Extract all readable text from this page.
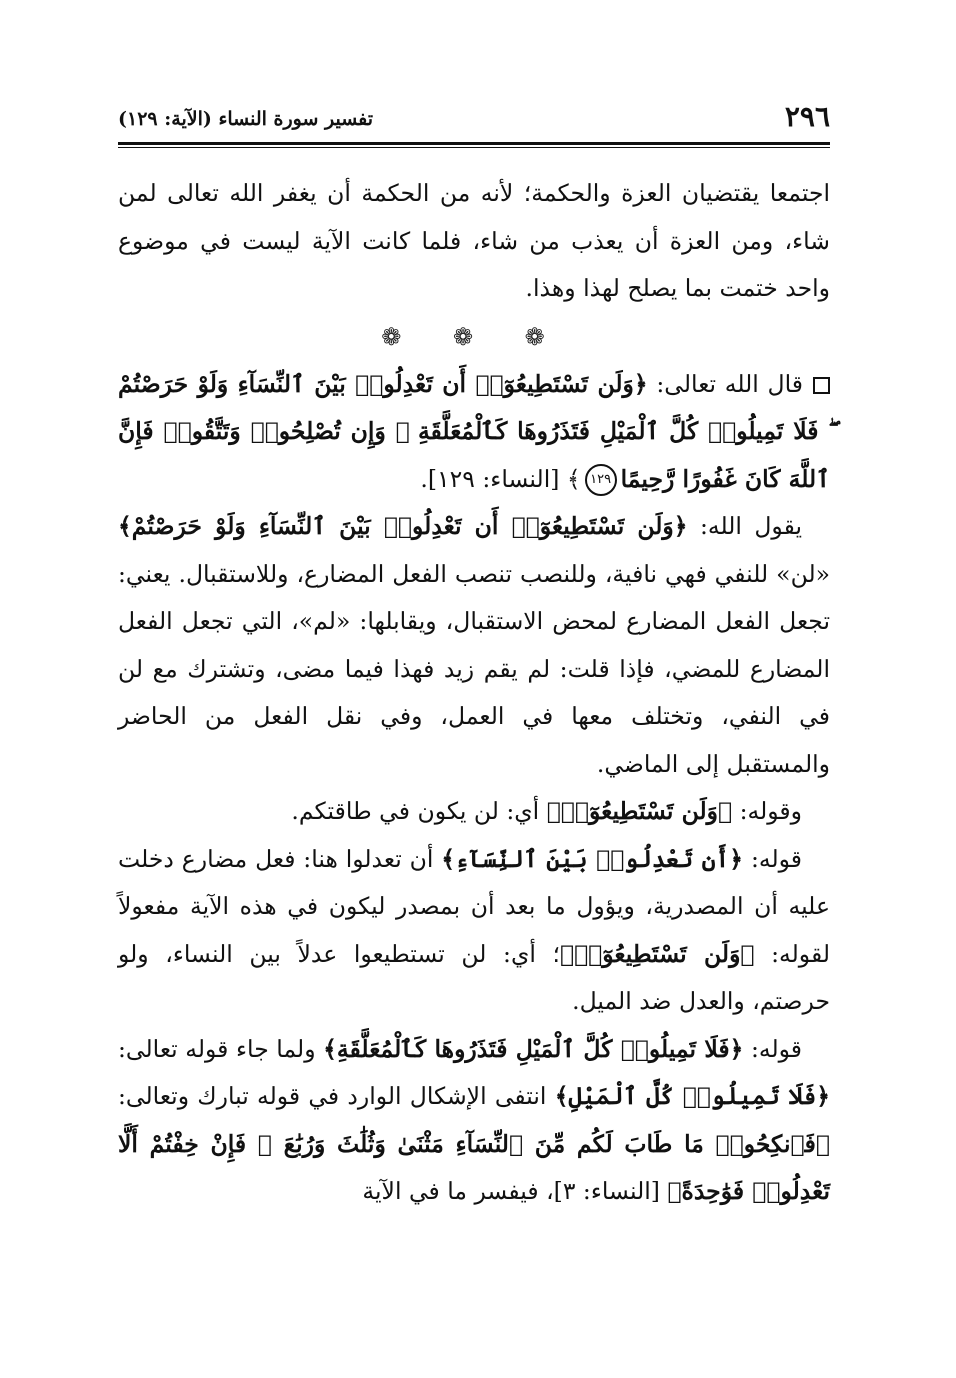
٢٩٦
تفسير سورة النساء (الآية: ١٢٩)

اجتمعا يقتضيان العزة والحكمة؛ لأنه من الحكمة أن يغفر الله تعالى لمن شاء، ومن العزة أن يعذب من شاء، فلما كانت الآية ليست في موضوع واحد ختمت بما يصلح لهذا وهذا.

❁ ❁ ❁

قال الله تعالى: ﴿وَلَن تَسْتَطِيعُوٓا۟ أَن تَعْدِلُوا۟ بَيْنَ ٱلنِّسَآءِ وَلَوْ حَرَصْتُمْ ۖ فَلَا تَمِيلُوا۟ كُلَّ ٱلْمَيْلِ فَتَذَرُوهَا كَٱلْمُعَلَّقَةِ ۚ وَإِن تُصْلِحُوا۟ وَتَتَّقُوا۟ فَإِنَّ ٱللَّهَ كَانَ غَفُورًا رَّحِيمًا١٢٩﴾ [النساء: ١٢٩].

يقول الله: ﴿وَلَن تَسْتَطِيعُوٓا۟ أَن تَعْدِلُوا۟ بَيْنَ ٱلنِّسَآءِ وَلَوْ حَرَصْتُمْ﴾ «لن» للنفي فهي نافية، وللنصب تنصب الفعل المضارع، وللاستقبال. يعني: تجعل الفعل المضارع لمحض الاستقبال، ويقابلها: «لم»، التي تجعل الفعل المضارع للمضي، فإذا قلت: لم يقم زيد فهذا فيما مضى، وتشترك مع لن في النفي، وتختلف معها في العمل، وفي نقل الفعل من الحاضر والمستقبل إلى الماضي.

وقوله: ﴿وَلَن تَسْتَطِيعُوٓا۟﴾ أي: لن يكون في طاقتكم.

قوله: ﴿أَن تَعْدِلُوا۟ بَيْنَ ٱلنِّسَآءِ﴾ أن تعدلوا هنا: فعل مضارع دخلت عليه أن المصدرية، ويؤول ما بعد أن بمصدر ليكون في هذه الآية مفعولاً لقوله: ﴿وَلَن تَسْتَطِيعُوٓا۟﴾؛ أي: لن تستطيعوا عدلاً بين النساء، ولو حرصتم، والعدل ضد الميل.

قوله: ﴿فَلَا تَمِيلُوا۟ كُلَّ ٱلْمَيْلِ فَتَذَرُوهَا كَٱلْمُعَلَّقَةِ﴾ ولما جاء قوله تعالى: ﴿فَلَا تَمِيلُوا۟ كُلَّ ٱلْمَيْلِ﴾ انتفى الإشكال الوارد في قوله تبارك وتعالى: ﴿فَٱنكِحُوا۟ مَا طَابَ لَكُم مِّنَ ٱلنِّسَآءِ مَثْنَىٰ وَثُلَٰثَ وَرُبَٰعَ ۖ فَإِنْ خِفْتُمْ أَلَّا تَعْدِلُوا۟ فَوَٰحِدَةً﴾ [النساء: ٣]، فيفسر ما في الآية
